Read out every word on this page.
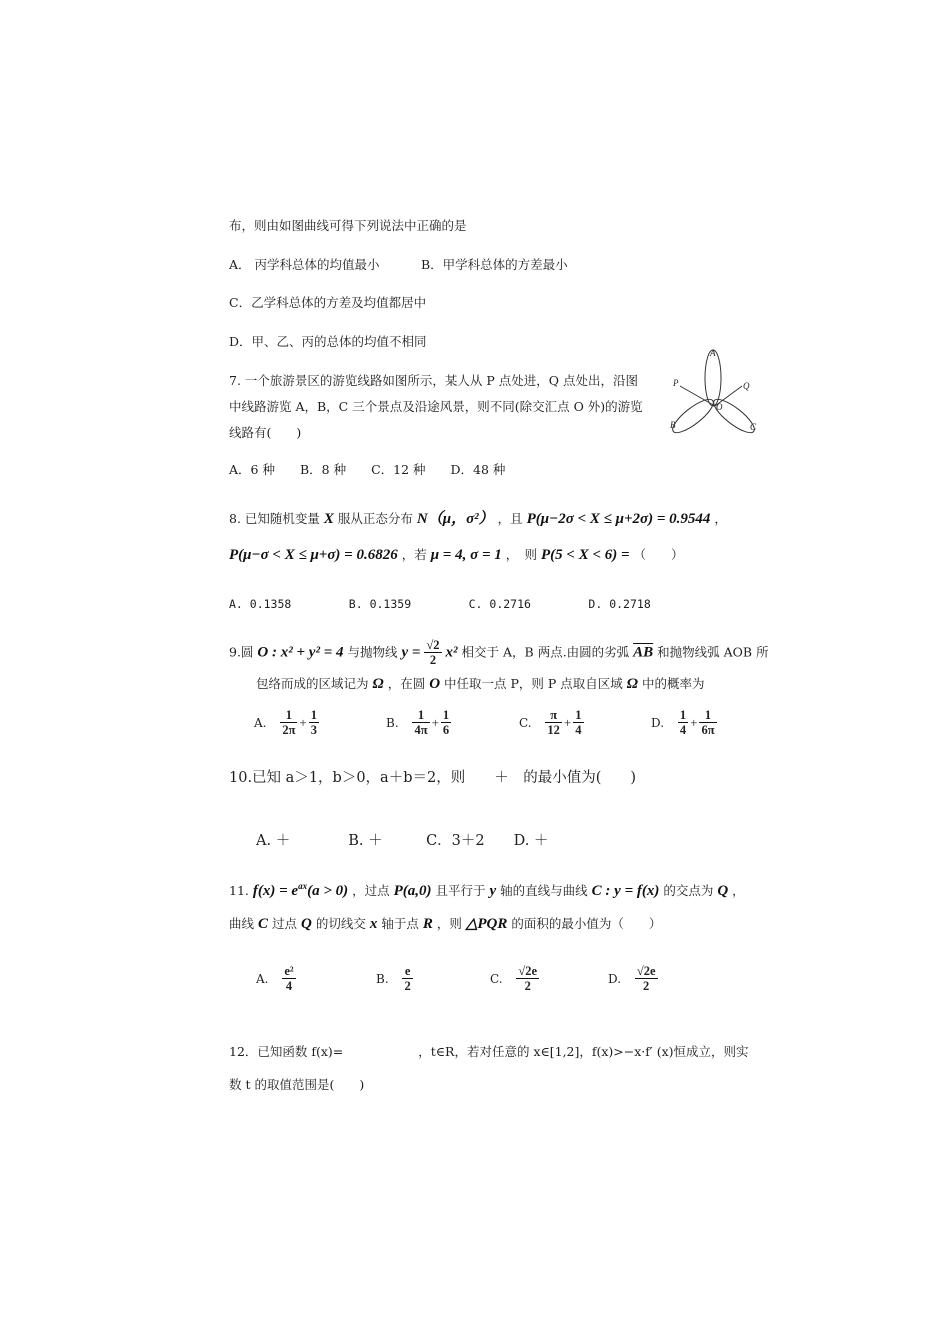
布，则由如图曲线可得下列说法中正确的是
A． 丙学科总体的均值最小	B．甲学科总体的方差最小
C．乙学科总体的方差及均值都居中
D．甲、乙、丙的总体的均值不相同
7. 一个旅游景区的游览线路如图所示，某人从 P 点处进，Q 点处出，沿图
中线路游览 A，B，C 三个景点及沿途风景，则不同(除交汇点 O 外)的游览
线路有(　　)
A．6 种　　B．8 种　　C．12 种　　D．48 种
A
P	Q
O
B	C
8. 已知随机变量 X 服从正态分布 N（μ，σ²） ，且 P(μ−2σ < X ≤ μ+2σ) = 0.9544 ，
P(μ−σ < X ≤ μ+σ) = 0.6826 ，若 μ = 4, σ = 1 ，　则 P(5 < X < 6) = （　　）
A. 0.1358　　　　　B. 0.1359　　　　　C. 0.2716　　　　　D. 0.2718
9.圆 O : x² + y² = 4 与抛物线 $y = \frac{√2}{2} x^2$ 相交于 A，B 两点.由圆的劣弧 $\overline{AB}$ 和抛物线弧 AOB 所
包络而成的区域记为 Ω ，在圆 O 中任取一点 P，则 P 点取自区域 Ω 中的概率为
A. $\frac{1}{2\pi} + \frac{1}{3}$	B. $\frac{1}{4\pi} + \frac{1}{6}$	C. $\frac{\pi}{12} + \frac{1}{4}$	D. $\frac{1}{4} + \frac{1}{6\pi}$
10.已知 a＞1，b＞0，a＋b＝2，则　　＋　的最小值为(　　)
A. ＋　　　　B. ＋　　　C．3＋2　　D. ＋
11. $f(x) = e^{ax}(a > 0)$ ，过点 P(a,0) 且平行于 y 轴的直线与曲线 C : y = f(x) 的交点为 Q ，
曲线 C 过点 Q 的切线交 x 轴于点 R ，则 △PQR 的面积的最小值为（　　）
A. $\frac{\text{e²}}{4}$	B. $\frac{e}{2}$	C. $\frac{√2e}{2}$	D. $\frac{√2e}{2}$
12．已知函数 f(x)=　　　　　　，t∈R，若对任意的 x∈[1,2]，f(x)>−x·f′ (x)恒成立，则实
数 t 的取值范围是(　　)
